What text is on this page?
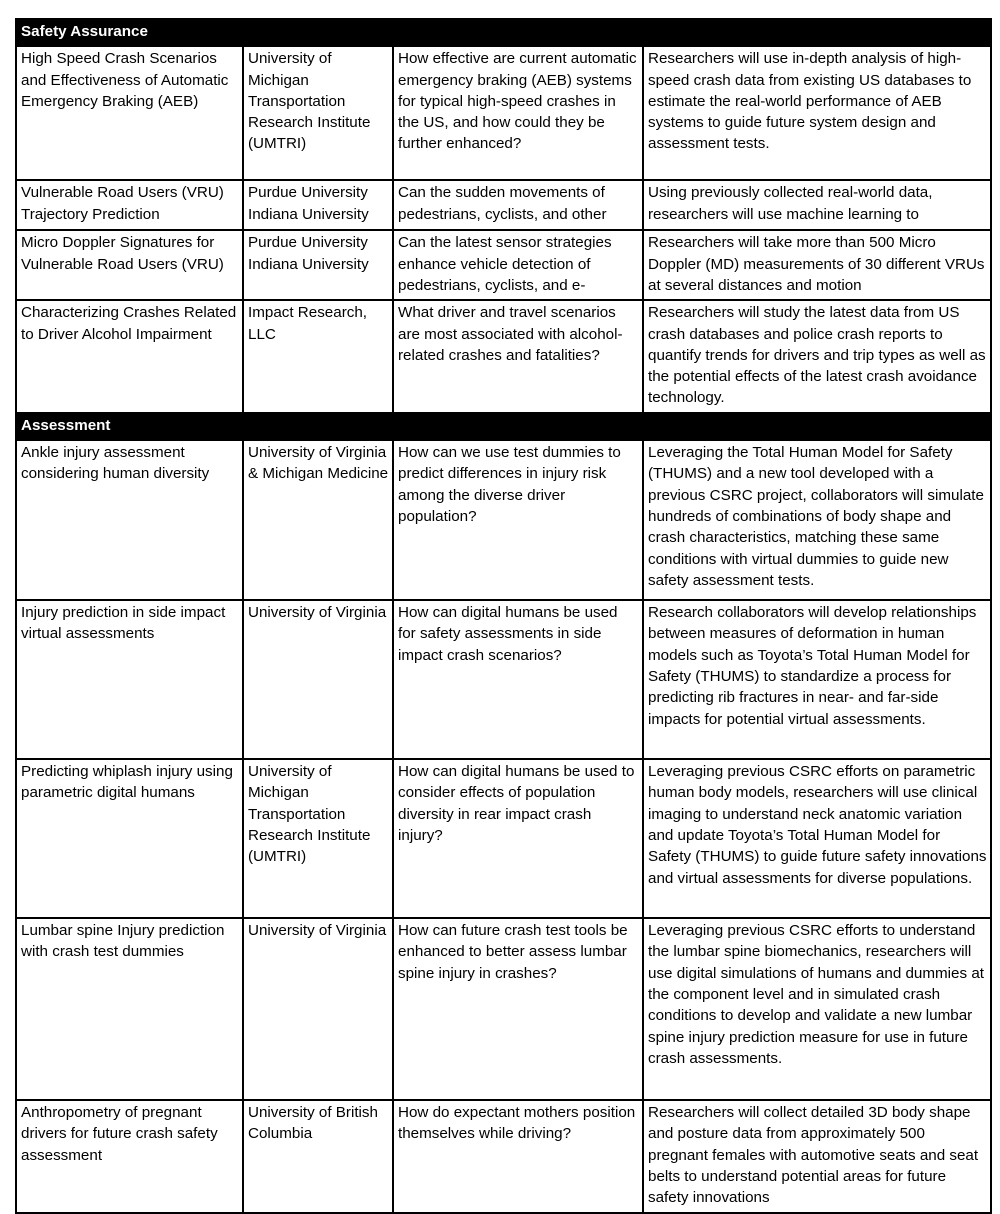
Safety Assurance			
High Speed Crash Scenarios and Effectiveness of Automatic Emergency Braking (AEB)	University of Michigan Transportation Research Institute (UMTRI)	How effective are current automatic emergency braking (AEB) systems for typical high-speed crashes in the US, and how could they be further enhanced?	Researchers will use in-depth analysis of high-speed crash data from existing US databases to estimate the real-world performance of AEB systems to guide future system design and assessment tests.

Vulnerable Road Users (VRU) Trajectory Prediction	Purdue University Indiana University	Can the sudden movements of pedestrians, cyclists, and other	Using previously collected real-world data, researchers will use machine learning to

Micro Doppler Signatures for Vulnerable Road Users (VRU)	Purdue University Indiana University	Can the latest sensor strategies enhance vehicle detection of pedestrians, cyclists, and e-	Researchers will take more than 500 Micro Doppler (MD) measurements of 30 different VRUs at several distances and motion

Characterizing Crashes Related to Driver Alcohol Impairment	Impact Research, LLC	What driver and travel scenarios are most associated with alcohol-related crashes and fatalities?	Researchers will study the latest data from US crash databases and police crash reports to quantify trends for drivers and trip types as well as the potential effects of the latest crash avoidance technology.
Assessment			
Ankle injury assessment considering human diversity	University of Virginia & Michigan Medicine	How can we use test dummies to predict differences in injury risk among the diverse driver population?	Leveraging the Total Human Model for Safety (THUMS) and a new tool developed with a previous CSRC project, collaborators will simulate hundreds of combinations of body shape and crash characteristics, matching these same conditions with virtual dummies to guide new safety assessment tests.
Injury prediction in side impact virtual assessments	University of Virginia	How can digital humans be used for safety assessments in side impact crash scenarios?	Research collaborators will develop relationships between measures of deformation in human models such as Toyota’s Total Human Model for Safety (THUMS) to standardize a process for predicting rib fractures in near- and far-side impacts for potential virtual assessments.
Predicting whiplash injury using parametric digital humans	University of Michigan Transportation Research Institute (UMTRI)	How can digital humans be used to consider effects of population diversity in rear impact crash injury?	Leveraging previous CSRC efforts on parametric human body models, researchers will use clinical imaging to understand neck anatomic variation and update Toyota’s Total Human Model for Safety (THUMS) to guide future safety innovations and virtual assessments for diverse populations.
Lumbar spine Injury prediction with crash test dummies	University of Virginia	How can future crash test tools be enhanced to better assess lumbar spine injury in crashes?	Leveraging previous CSRC efforts to understand the lumbar spine biomechanics, researchers will use digital simulations of humans and dummies at the component level and in simulated crash conditions to develop and validate a new lumbar spine injury prediction measure for use in future crash assessments.
Anthropometry of pregnant drivers for future crash safety assessment	University of British Columbia	How do expectant mothers position themselves while driving?	Researchers will collect detailed 3D body shape and posture data from approximately 500 pregnant females with automotive seats and seat belts to understand potential areas for future safety innovations
